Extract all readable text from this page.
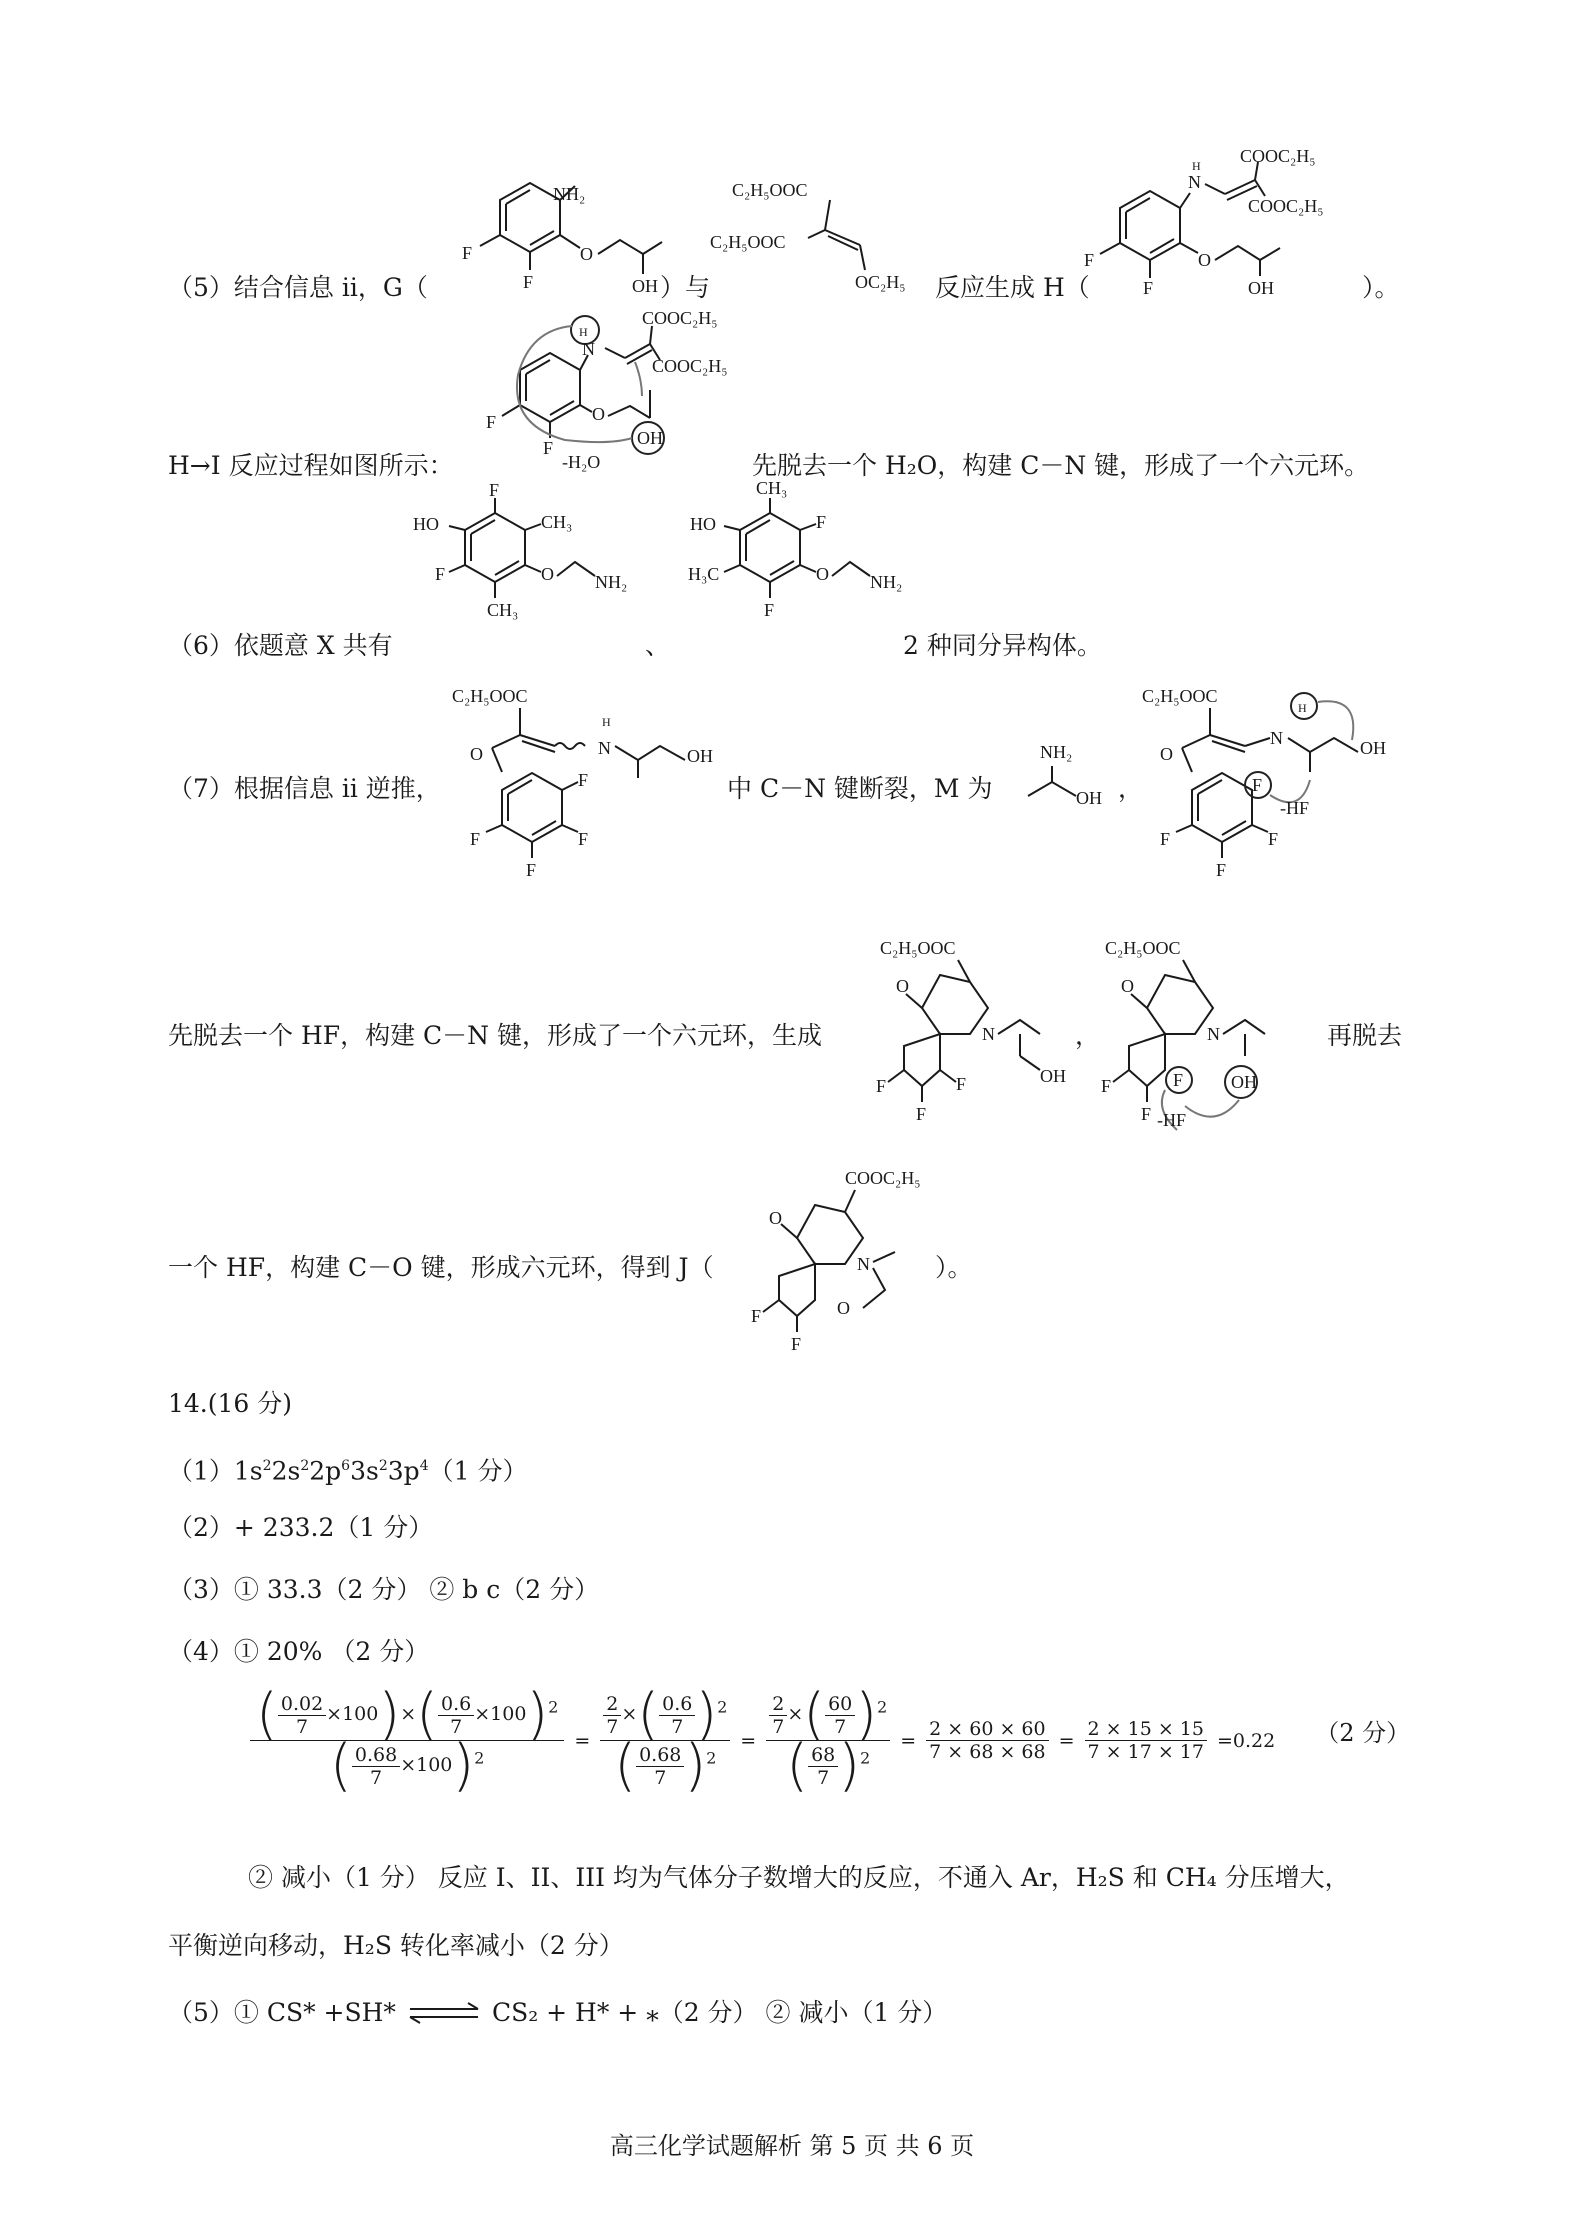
（5）结合信息 ii，G（
NH₂
F
F
O
OH ）与
C₂H₅OOC
C₂H₅OOC
OC₂H₅ 反应生成 H（
N
H COOC₂H₅
COOC₂H₅
F
F
O
OH	）。
H→I 反应过程如图所示：
H
N
COOC₂H₅
COOC₂H₅
F
F
O
OH
-H₂O	先脱去一个 H₂O，构建 C－N 键，形成了一个六元环。
（6）依题意 X 共有
F
HO	CH₃
F
CH₃
O NH₂
、
CH₃
HO	F
H₃C
F
O NH₂
2 种同分异构体。
（7）根据信息 ii 逆推，
C₂H₅OOC
O	N
H
OH
F
F
F
F
中 C－N 键断裂，M 为
NH₂
OH ，
C₂H₅OOC
O
N
H
OH
F
-HF
F
F
F
先脱去一个 HF，构建 C－N 键，形成了一个六元环，生成
C₂H₅OOC
O
N
F
F
F
OH
，
C₂H₅OOC
O
N
F
F
F
OH
-HF
再脱去
一个 HF，构建 C－O 键，形成六元环，得到 J（
COOC₂H₅
O
N
O
F
F
）。
14.(16 分)
$(1)1s^22s^22p^63s^23p^4(1$ 分）
（2）+ 233.2（1 分）
（3）① 33.3（2 分） ② b c（2 分）
（4）① 20% （2 分）
$\frac{( \frac{0.02}{7} \times 100)\times( \frac{0.6}{7} \times 100)^2}{( \frac{0.68}{7} \times 100)^2} = \frac{\frac{2}{7} \times( \frac{0.6}{7} )^2}{( \frac{0.68}{7} )^2} = \frac{\frac{2}{7} \times( \frac{60}{7} )^2}{( \frac{68}{7} )^2} = \frac{2 \times 60 \times 60}{7 \times 68 \times 68} = \frac{2 \times 15 \times 15}{7 \times 17 \times 17} =0.22$ （2 分）
② 减小（1 分） 反应 I、II、III 均为气体分子数增大的反应，不通入 Ar，H₂S 和 CH₄ 分压增大，
平衡逆向移动，H₂S 转化率减小（2 分）
（5）① CS* +SH* ⇌ CS₂ + H* + ⁎（2 分） ② 减小（1 分）
高三化学试题解析 第 5 页 共 6 页
